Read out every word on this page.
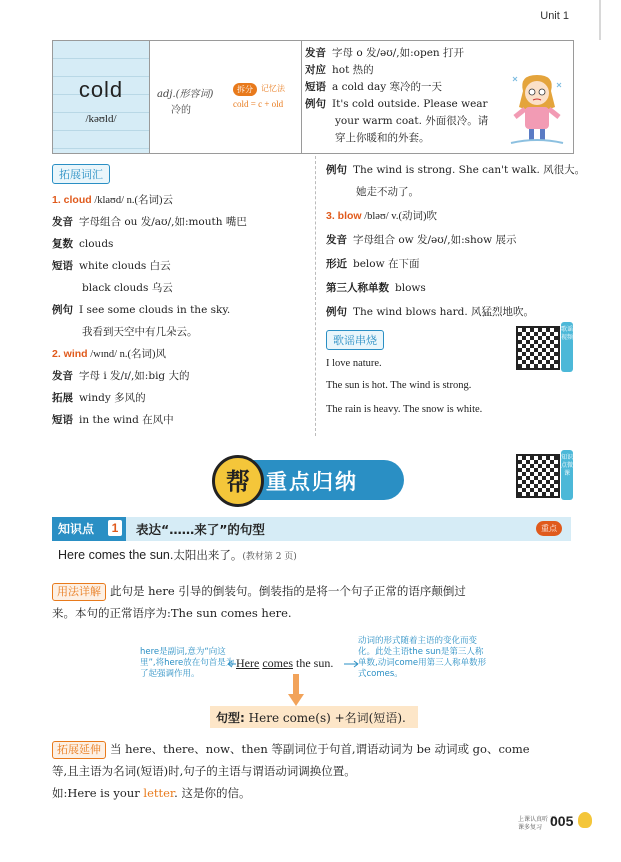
Unit 1
cold
/kəʊld/
adj.(形容词)
冷的
拆分	记忆法
cold = c + old
发音 字母 o 发/əʊ/,如:open 打开
对应 hot 热的
短语 a cold day 寒冷的一天
例句 It's cold outside. Please wear
your warm coat. 外面很冷。请
穿上你暖和的外套。
拓展词汇
1. cloud /klaʊd/ n.(名词)云
发音 字母组合 ou 发/aʊ/,如:mouth 嘴巴
复数 clouds
短语 white clouds 白云
black clouds 乌云
例句 I see some clouds in the sky.
我看到天空中有几朵云。
2. wind /wɪnd/ n.(名词)风
发音 字母 i 发/ɪ/,如:big 大的
拓展 windy 多风的
短语 in the wind 在风中
例句 The wind is strong. She can't walk. 风很大。
她走不动了。
3. blow /bləʊ/ v.(动词)吹
发音 字母组合 ow 发/əʊ/,如:show 展示
形近 below 在下面
第三人称单数 blows
例句 The wind blows hard. 风猛烈地吹。
歌谣串烧
I love nature.
The sun is hot. The wind is strong.
The rain is heavy. The snow is white.
歌谣视频
知识点微课
帮 重点归纳
知识点	1 表达“……来了”的句型	重点
Here comes the sun.太阳出来了。(教材第 2 页)
用法详解 此句是 here 引导的倒装句。倒装指的是将一个句子正常的语序颠倒过
来。本句的正常语序为:The sun comes here.
here是副词,意为“向这里”,将here放在句首是为了起强调作用。
动词的形式随着主语的变化而变化。此处主语the sun是第三人称单数,动词come用第三人称单数形式comes。
Here comes the sun.
句型: Here come(s) +名词(短语).
拓展延伸 当 here、there、now、then 等副词位于句首,谓语动词为 be 动词或 go、come
等,且主语为名词(短语)时,句子的主语与谓语动词调换位置。
如:Here is your letter. 这是你的信。
上课认真听 下课多复习 005
